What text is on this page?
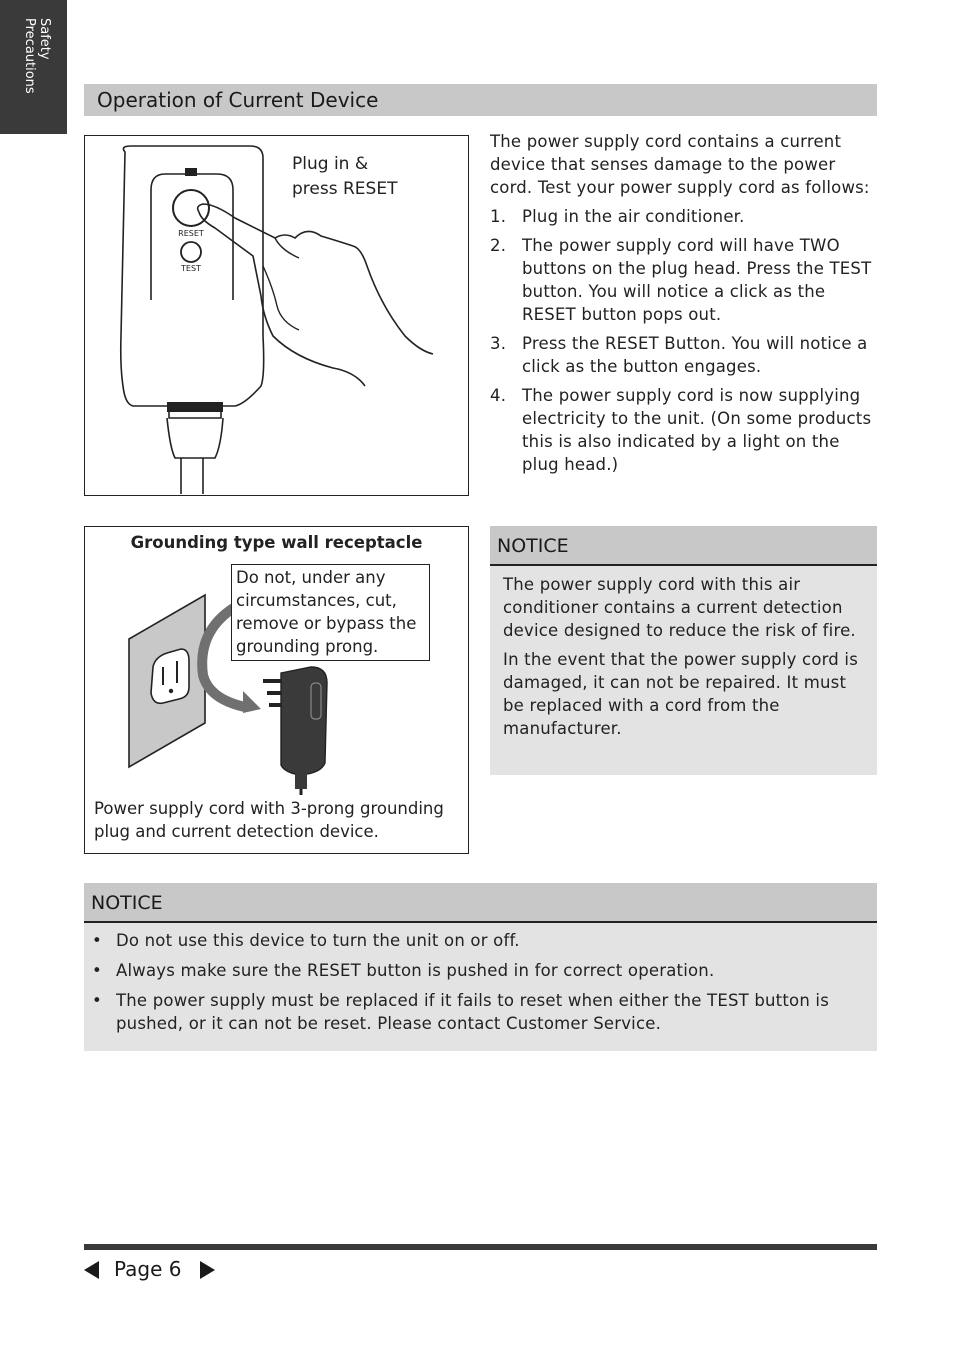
Safety
Precautions
Operation of Current Device
RESET
TEST
Plug in &
press RESET

The power supply cord contains a current device that senses damage to the power cord. Test your power supply cord as follows:

1. Plug in the air conditioner.
2. The power supply cord will have TWO buttons on the plug head. Press the TEST button. You will notice a click as the RESET button pops out.
3. Press the RESET Button. You will notice a click as the button engages.
4. The power supply cord is now supplying electricity to the unit. (On some products this is also indicated by a light on the plug head.)
Grounding type wall receptacle
Do not, under any circumstances, cut, remove or bypass the grounding prong.
Power supply cord with 3-prong grounding plug and current detection device.
NOTICE

The power supply cord with this air conditioner contains a current detection device designed to reduce the risk of fire.

In the event that the power supply cord is damaged, it can not be repaired. It must be replaced with a cord from the manufacturer.

NOTICE
• Do not use this device to turn the unit on or off.
• Always make sure the RESET button is pushed in for correct operation.
• The power supply must be replaced if it fails to reset when either the TEST button is pushed, or it can not be reset. Please contact Customer Service.
Page 6
